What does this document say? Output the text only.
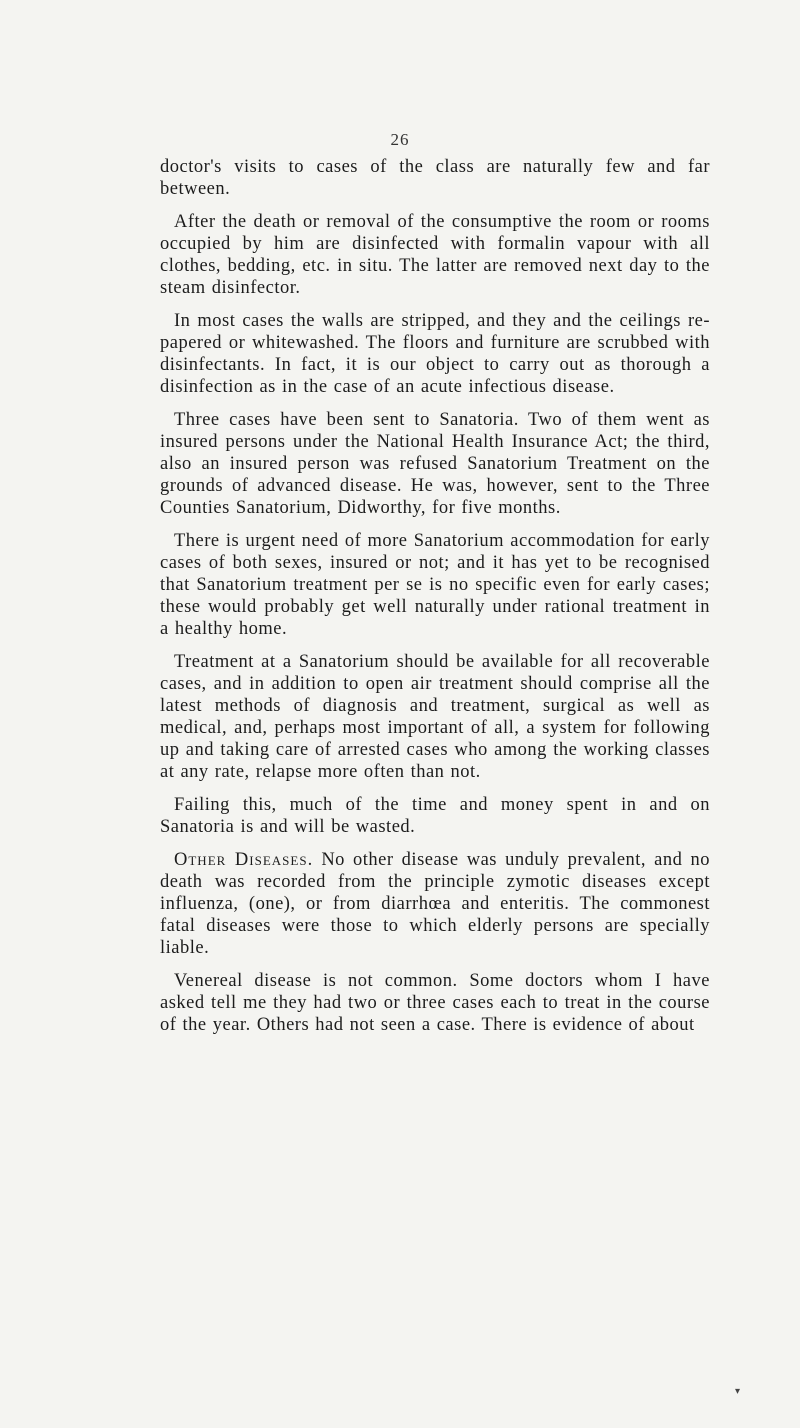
26

doctor's visits to cases of the class are naturally few and far between.

After the death or removal of the consumptive the room or rooms occupied by him are disinfected with formalin vapour with all clothes, bedding, etc. in situ. The latter are removed next day to the steam disinfector.

In most cases the walls are stripped, and they and the ceilings re-papered or whitewashed. The floors and furniture are scrubbed with disinfectants. In fact, it is our object to carry out as thorough a disinfection as in the case of an acute infectious disease.

Three cases have been sent to Sanatoria. Two of them went as insured persons under the National Health Insurance Act; the third, also an insured person was refused Sanatorium Treatment on the grounds of advanced disease. He was, however, sent to the Three Counties Sanatorium, Didworthy, for five months.

There is urgent need of more Sanatorium accommodation for early cases of both sexes, insured or not; and it has yet to be recognised that Sanatorium treatment per se is no specific even for early cases; these would probably get well naturally under rational treatment in a healthy home.

Treatment at a Sanatorium should be available for all recoverable cases, and in addition to open air treatment should comprise all the latest methods of diagnosis and treatment, surgical as well as medical, and, perhaps most important of all, a system for following up and taking care of arrested cases who among the working classes at any rate, relapse more often than not.

Failing this, much of the time and money spent in and on Sanatoria is and will be wasted.

Other Diseases. No other disease was unduly prevalent, and no death was recorded from the principle zymotic diseases except influenza, (one), or from diarrhœa and enteritis. The commonest fatal diseases were those to which elderly persons are specially liable.

Venereal disease is not common. Some doctors whom I have asked tell me they had two or three cases each to treat in the course of the year. Others had not seen a case. There is evidence of about

▾
